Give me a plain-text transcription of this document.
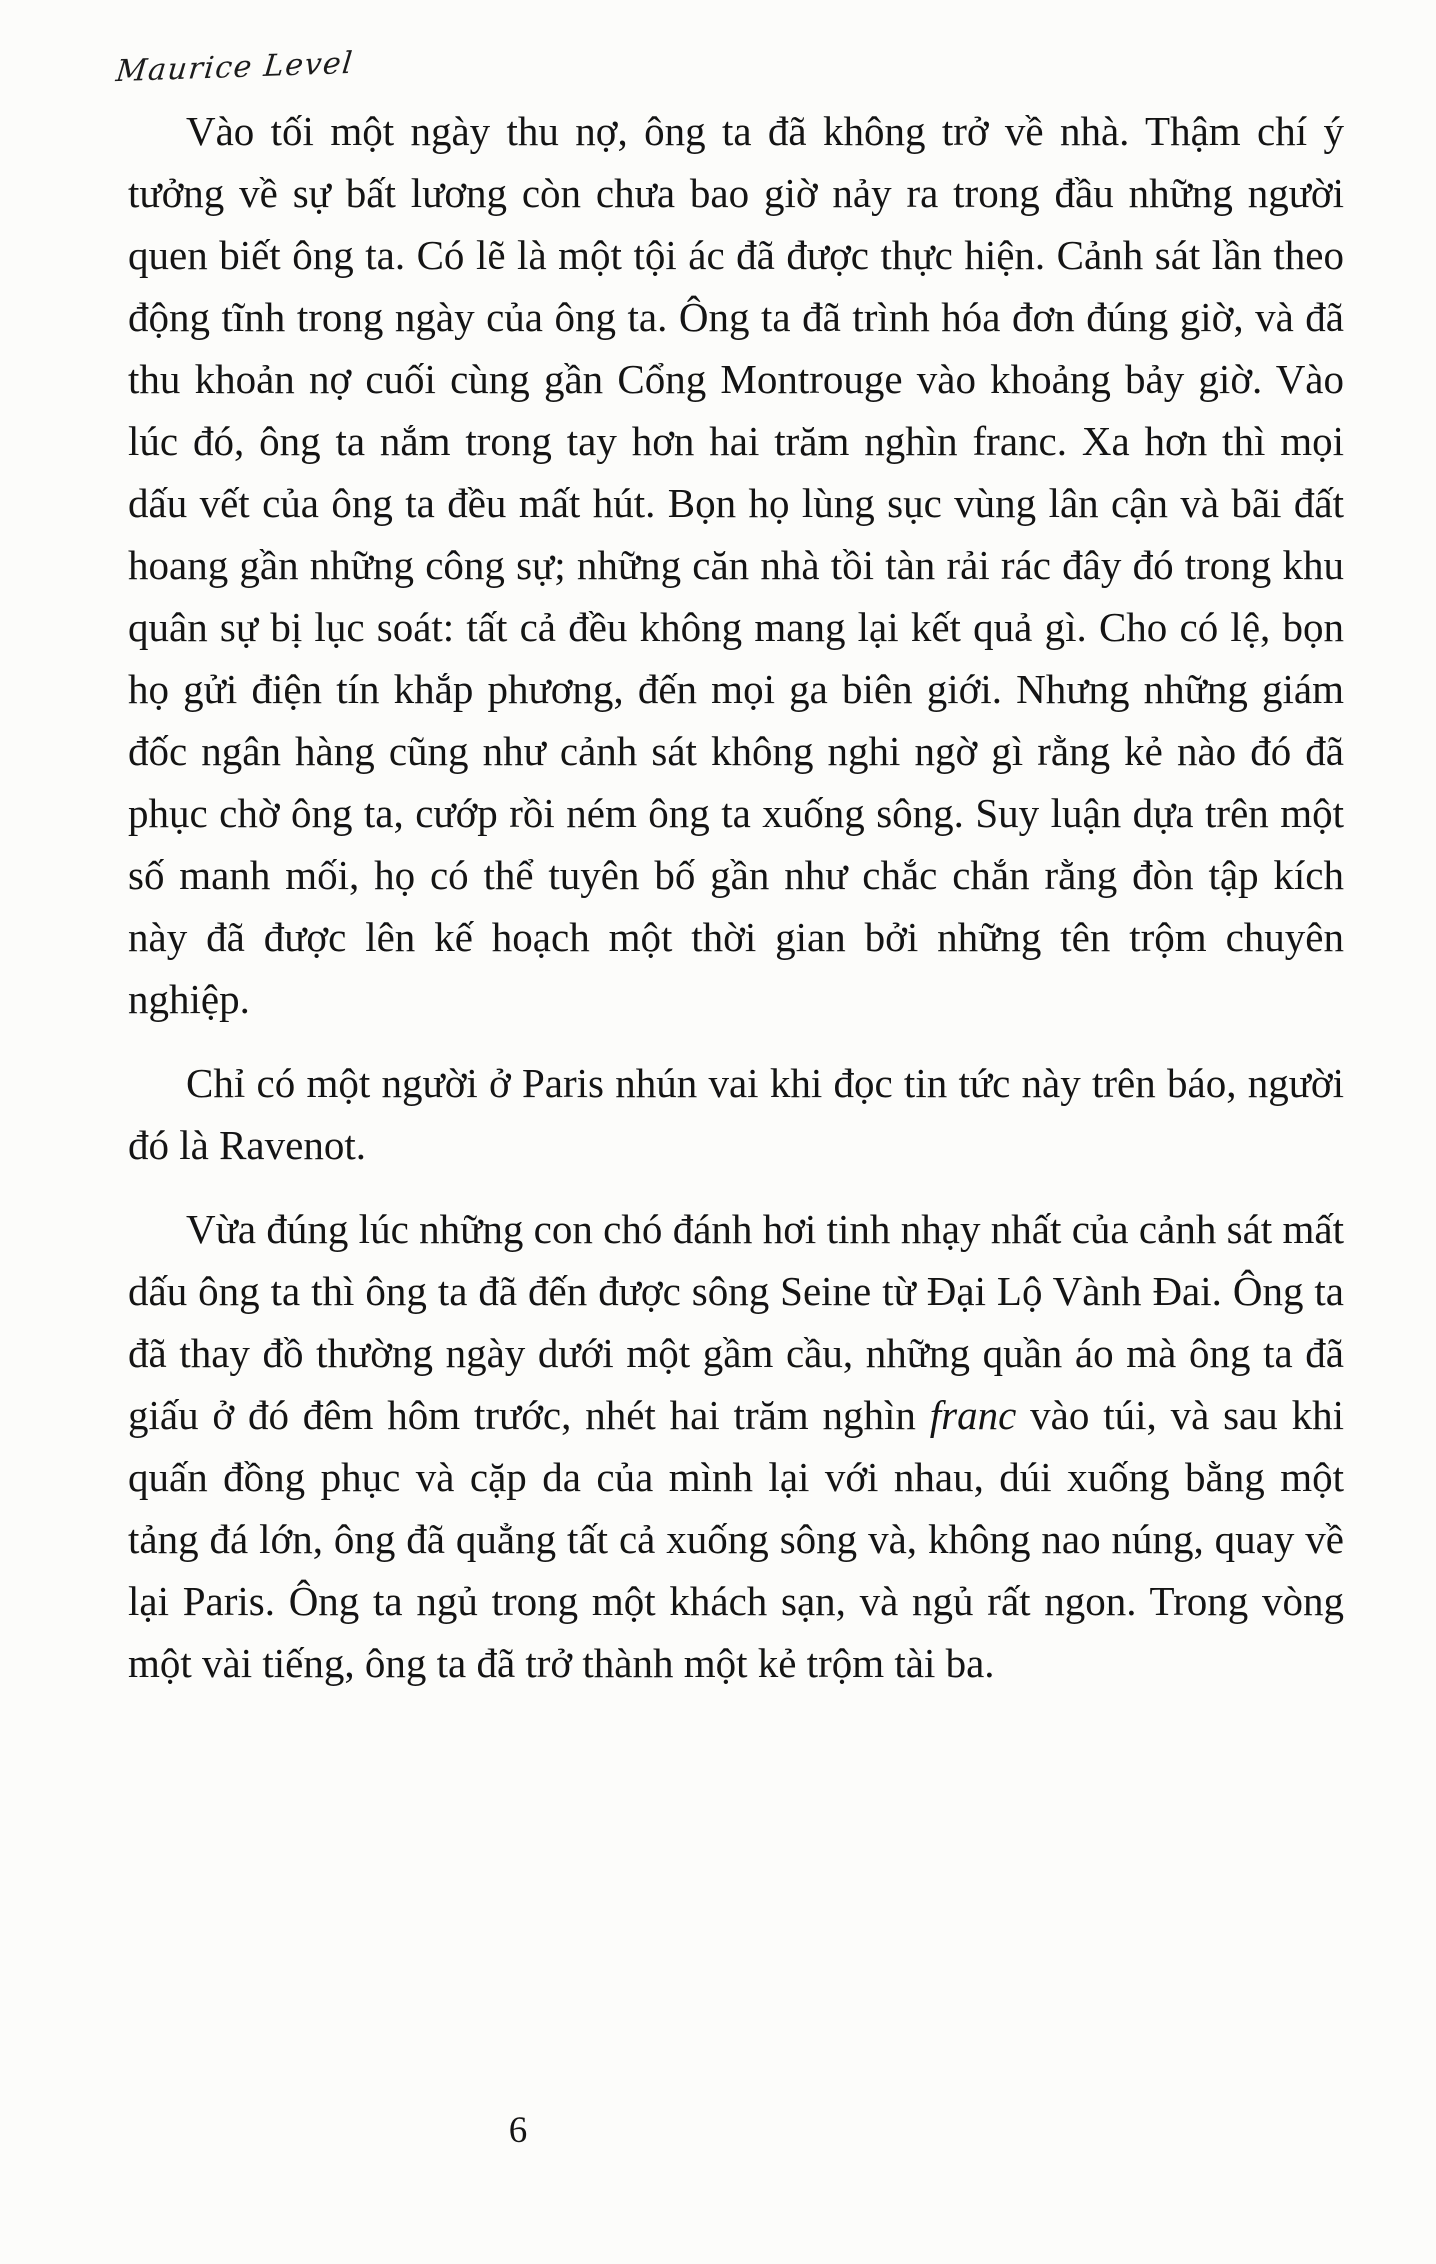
Maurice Level

Vào tối một ngày thu nợ, ông ta đã không trở về nhà. Thậm chí ý tưởng về sự bất lương còn chưa bao giờ nảy ra trong đầu những người quen biết ông ta. Có lẽ là một tội ác đã được thực hiện. Cảnh sát lần theo động tĩnh trong ngày của ông ta. Ông ta đã trình hóa đơn đúng giờ, và đã thu khoản nợ cuối cùng gần Cổng Montrouge vào khoảng bảy giờ. Vào lúc đó, ông ta nắm trong tay hơn hai trăm nghìn franc. Xa hơn thì mọi dấu vết của ông ta đều mất hút. Bọn họ lùng sục vùng lân cận và bãi đất hoang gần những công sự; những căn nhà tồi tàn rải rác đây đó trong khu quân sự bị lục soát: tất cả đều không mang lại kết quả gì. Cho có lệ, bọn họ gửi điện tín khắp phương, đến mọi ga biên giới. Nhưng những giám đốc ngân hàng cũng như cảnh sát không nghi ngờ gì rằng kẻ nào đó đã phục chờ ông ta, cướp rồi ném ông ta xuống sông. Suy luận dựa trên một số manh mối, họ có thể tuyên bố gần như chắc chắn rằng đòn tập kích này đã được lên kế hoạch một thời gian bởi những tên trộm chuyên nghiệp.

Chỉ có một người ở Paris nhún vai khi đọc tin tức này trên báo, người đó là Ravenot.

Vừa đúng lúc những con chó đánh hơi tinh nhạy nhất của cảnh sát mất dấu ông ta thì ông ta đã đến được sông Seine từ Đại Lộ Vành Đai. Ông ta đã thay đồ thường ngày dưới một gầm cầu, những quần áo mà ông ta đã giấu ở đó đêm hôm trước, nhét hai trăm nghìn franc vào túi, và sau khi quấn đồng phục và cặp da của mình lại với nhau, dúi xuống bằng một tảng đá lớn, ông đã quẳng tất cả xuống sông và, không nao núng, quay về lại Paris. Ông ta ngủ trong một khách sạn, và ngủ rất ngon. Trong vòng một vài tiếng, ông ta đã trở thành một kẻ trộm tài ba.

6
